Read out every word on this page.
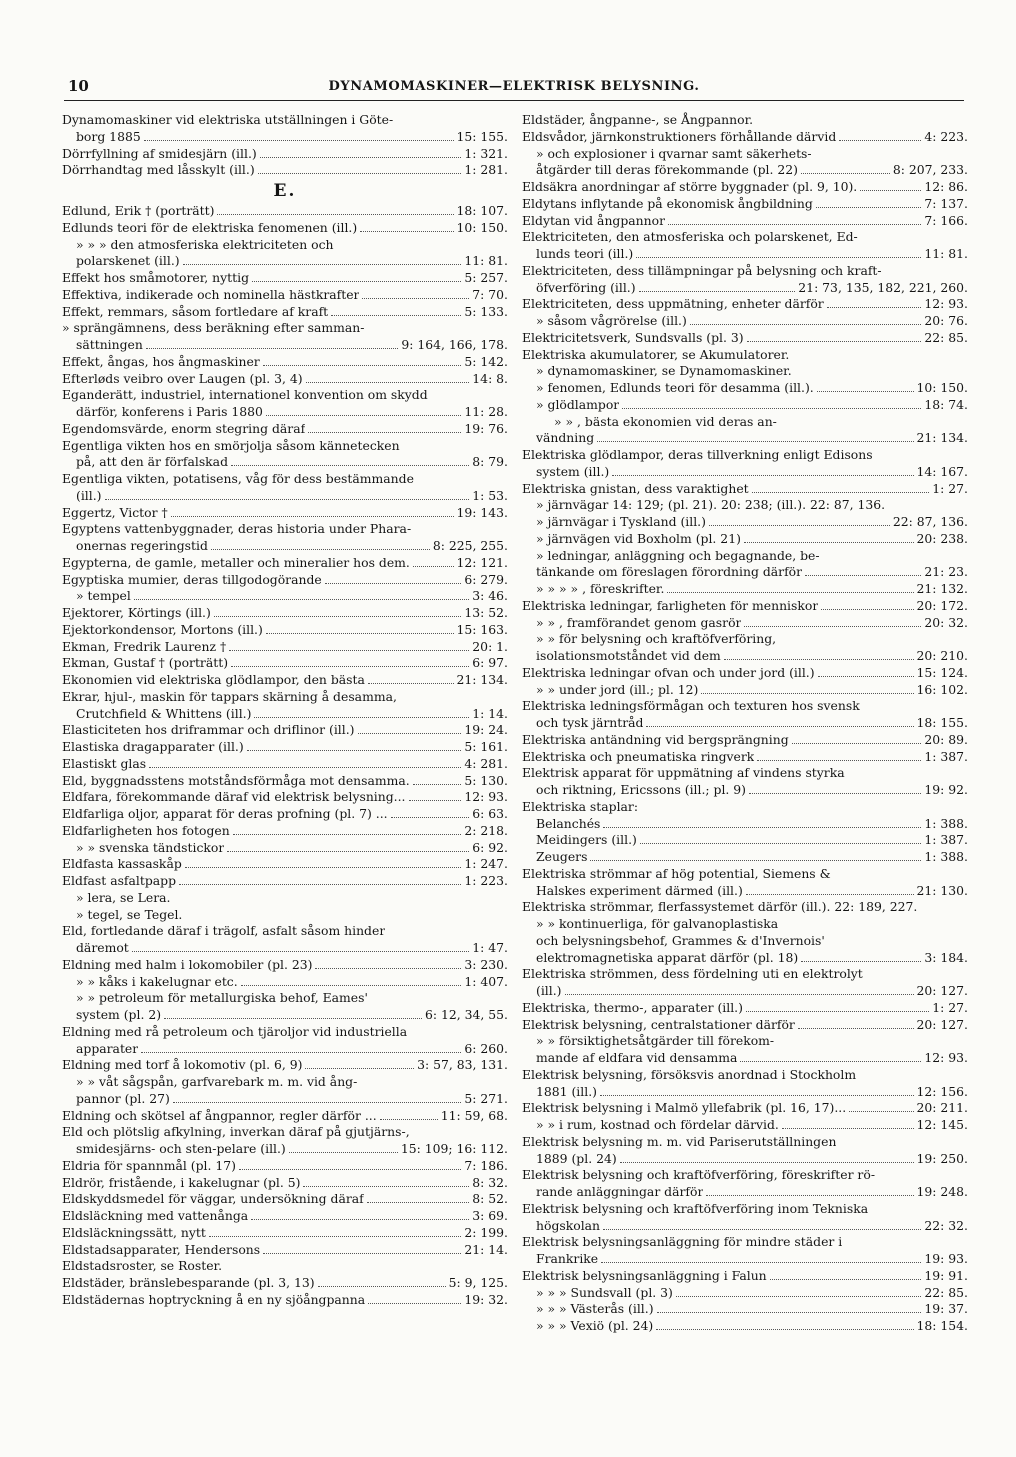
10	DYNAMOMASKINER—ELEKTRISK BELYSNING.
Dynamomaskiner vid elektriska utställningen i Göte-
borg 1885	15: 155.
Dörrfyllning af smidesjärn (ill.)	1: 321.
Dörrhandtag med låsskylt (ill.)	1: 281.
E.
Edlund, Erik † (porträtt)	18: 107.
Edlunds teori för de elektriska fenomenen (ill.)	10: 150.
» » » den atmosferiska elektriciteten och
polarskenet (ill.)	11: 81.
Effekt hos småmotorer, nyttig	5: 257.
Effektiva, indikerade och nominella hästkrafter	7: 70.
Effekt, remmars, såsom fortledare af kraft	5: 133.
» sprängämnens, dess beräkning efter samman-
sättningen	9: 164, 166, 178.
Effekt, ångas, hos ångmaskiner	5: 142.
Efterløds veibro over Laugen (pl. 3, 4)	14: 8.
Eganderätt, industriel, internationel konvention om skydd
därför, konferens i Paris 1880	11: 28.
Egendomsvärde, enorm stegring däraf	19: 76.
Egentliga vikten hos en smörjolja såsom kännetecken
på, att den är förfalskad	8: 79.
Egentliga vikten, potatisens, våg för dess bestämmande
(ill.)	1: 53.
Eggertz, Victor †	19: 143.
Egyptens vattenbyggnader, deras historia under Phara-
onernas regeringstid	8: 225, 255.
Egypterna, de gamle, metaller och mineralier hos dem.	12: 121.
Egyptiska mumier, deras tillgodogörande	6: 279.
» tempel	3: 46.
Ejektorer, Körtings (ill.)	13: 52.
Ejektorkondensor, Mortons (ill.)	15: 163.
Ekman, Fredrik Laurenz †	20: 1.
Ekman, Gustaf † (porträtt)	6: 97.
Ekonomien vid elektriska glödlampor, den bästa	21: 134.
Ekrar, hjul-, maskin för tappars skärning å desamma,
Crutchfield & Whittens (ill.)	1: 14.
Elasticiteten hos driframmar och driflinor (ill.)	19: 24.
Elastiska dragapparater (ill.)	5: 161.
Elastiskt glas	4: 281.
Eld, byggnadsstens motståndsförmåga mot densamma.	5: 130.
Eldfara, förekommande däraf vid elektrisk belysning...	12: 93.
Eldfarliga oljor, apparat för deras profning (pl. 7) ...	6: 63.
Eldfarligheten hos fotogen	2: 218.
» » svenska tändstickor	6: 92.
Eldfasta kassaskåp	1: 247.
Eldfast asfaltpapp	1: 223.
» lera, se Lera.
» tegel, se Tegel.
Eld, fortledande däraf i trägolf, asfalt såsom hinder
däremot	1: 47.
Eldning med halm i lokomobiler (pl. 23)	3: 230.
» » kåks i kakelugnar etc.	1: 407.
» » petroleum för metallurgiska behof, Eames'
system (pl. 2)	6: 12, 34, 55.
Eldning med rå petroleum och tjäroljor vid industriella
apparater	6: 260.
Eldning med torf å lokomotiv (pl. 6, 9)	3: 57, 83, 131.
» » våt sågspån, garfvarebark m. m. vid ång-
pannor (pl. 27)	5: 271.
Eldning och skötsel af ångpannor, regler därför ...	11: 59, 68.
Eld och plötslig afkylning, inverkan däraf på gjutjärns-,
smidesjärns- och sten-pelare (ill.)	15: 109; 16: 112.
Eldria för spannmål (pl. 17)	7: 186.
Eldrör, fristående, i kakelugnar (pl. 5)	8: 32.
Eldskyddsmedel för väggar, undersökning däraf	8: 52.
Eldsläckning med vattenånga	3: 69.
Eldsläckningssätt, nytt	2: 199.
Eldstadsapparater, Hendersons	21: 14.
Eldstadsroster, se Roster.
Eldstäder, bränslebesparande (pl. 3, 13)	5: 9, 125.
Eldstädernas hoptryckning å en ny sjöångpanna	19: 32.
Eldstäder, ångpanne-, se Ångpannor.
Eldsvådor, järnkonstruktioners förhållande därvid	4: 223.
» och explosioner i qvarnar samt säkerhets-
åtgärder till deras förekommande (pl. 22)	8: 207, 233.
Eldsäkra anordningar af större byggnader (pl. 9, 10).	12: 86.
Eldytans inflytande på ekonomisk ångbildning	7: 137.
Eldytan vid ångpannor	7: 166.
Elektriciteten, den atmosferiska och polarskenet, Ed-
lunds teori (ill.)	11: 81.
Elektriciteten, dess tillämpningar på belysning och kraft-
öfverföring (ill.)	21: 73, 135, 182, 221, 260.
Elektriciteten, dess uppmätning, enheter därför	12: 93.
» såsom vågrörelse (ill.)	20: 76.
Elektricitetsverk, Sundsvalls (pl. 3)	22: 85.
Elektriska akumulatorer, se Akumulatorer.
» dynamomaskiner, se Dynamomaskiner.
» fenomen, Edlunds teori för desamma (ill.).	10: 150.
» glödlampor	18: 74.
» » , bästa ekonomien vid deras an-
vändning	21: 134.
Elektriska glödlampor, deras tillverkning enligt Edisons
system (ill.)	14: 167.
Elektriska gnistan, dess varaktighet	1: 27.
» järnvägar 14: 129; (pl. 21). 20: 238; (ill.). 22: 87, 136.
» järnvägar i Tyskland (ill.)	22: 87, 136.
» järnvägen vid Boxholm (pl. 21)	20: 238.
» ledningar, anläggning och begagnande, be-
tänkande om föreslagen förordning därför	21: 23.
» » » » , föreskrifter.	21: 132.
Elektriska ledningar, farligheten för menniskor	20: 172.
» » , framförandet genom gasrör	20: 32.
» » för belysning och kraftöfverföring,
isolationsmotståndet vid dem	20: 210.
Elektriska ledningar ofvan och under jord (ill.)	15: 124.
» » under jord (ill.; pl. 12)	16: 102.
Elektriska ledningsförmågan och texturen hos svensk
och tysk järntråd	18: 155.
Elektriska antändning vid bergsprängning	20: 89.
Elektriska och pneumatiska ringverk	1: 387.
Elektrisk apparat för uppmätning af vindens styrka
och riktning, Ericssons (ill.; pl. 9)	19: 92.
Elektriska staplar:
Belanchés	1: 388.
Meidingers (ill.)	1: 387.
Zeugers	1: 388.
Elektriska strömmar af hög potential, Siemens &
Halskes experiment därmed (ill.)	21: 130.
Elektriska strömmar, flerfassystemet därför (ill.). 22: 189, 227.
» » kontinuerliga, för galvanoplastiska
och belysningsbehof, Grammes & d'Invernois'
elektromagnetiska apparat därför (pl. 18)	3: 184.
Elektriska strömmen, dess fördelning uti en elektrolyt
(ill.)	20: 127.
Elektriska, thermo-, apparater (ill.)	1: 27.
Elektrisk belysning, centralstationer därför	20: 127.
» » försiktighetsåtgärder till förekom-
mande af eldfara vid densamma	12: 93.
Elektrisk belysning, försöksvis anordnad i Stockholm
1881 (ill.)	12: 156.
Elektrisk belysning i Malmö yllefabrik (pl. 16, 17)...	20: 211.
» » i rum, kostnad och fördelar därvid.	12: 145.
Elektrisk belysning m. m. vid Pariserutställningen
1889 (pl. 24)	19: 250.
Elektrisk belysning och kraftöfverföring, föreskrifter rö-
rande anläggningar därför	19: 248.
Elektrisk belysning och kraftöfverföring inom Tekniska
högskolan	22: 32.
Elektrisk belysningsanläggning för mindre städer i
Frankrike	19: 93.
Elektrisk belysningsanläggning i Falun	19: 91.
» » » Sundsvall (pl. 3)	22: 85.
» » » Västerås (ill.)	19: 37.
» » » Vexiö (pl. 24)	18: 154.
